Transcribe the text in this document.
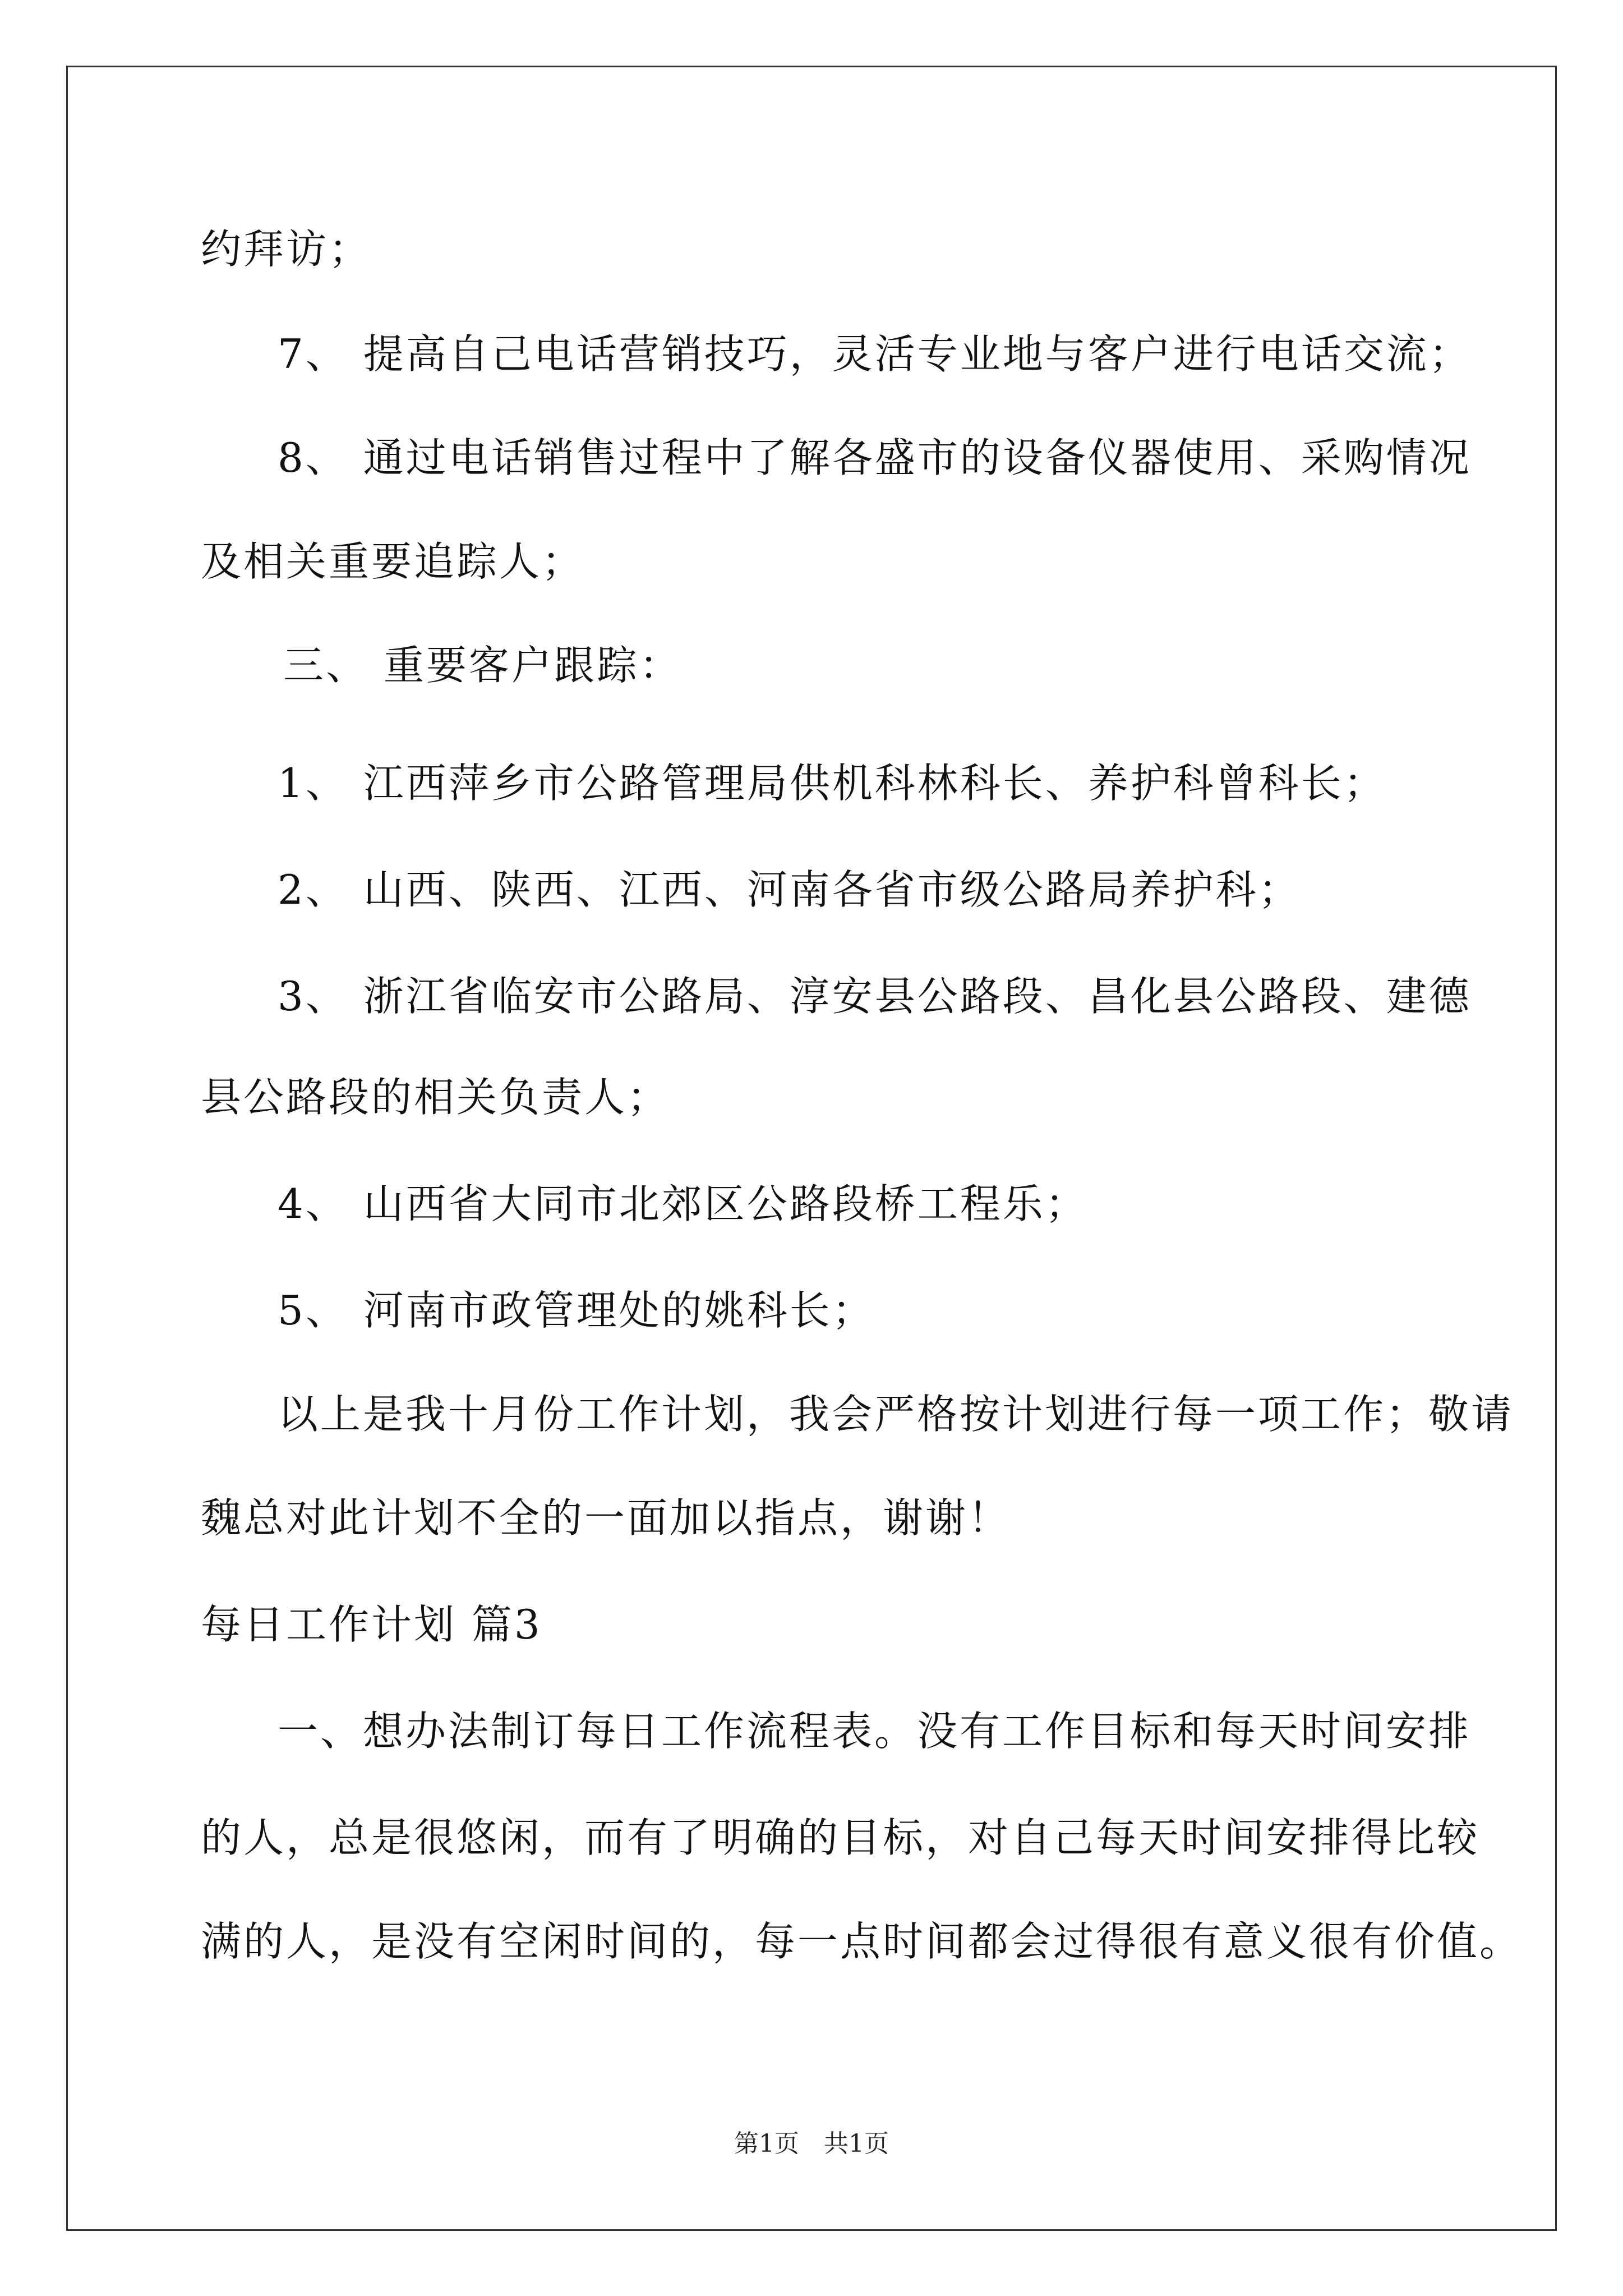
约拜访；
7、 提高自己电话营销技巧，灵活专业地与客户进行电话交流；
8、 通过电话销售过程中了解各盛市的设备仪器使用、采购情况
及相关重要追踪人；
三、 重要客户跟踪：
1、 江西萍乡市公路管理局供机科林科长、养护科曾科长；
2、 山西、陕西、江西、河南各省市级公路局养护科；
3、 浙江省临安市公路局、淳安县公路段、昌化县公路段、建德
县公路段的相关负责人；
4、 山西省大同市北郊区公路段桥工程乐；
5、 河南市政管理处的姚科长；
以上是我十月份工作计划，我会严格按计划进行每一项工作；敬请
魏总对此计划不全的一面加以指点，谢谢！
每日工作计划 篇3
一、想办法制订每日工作流程表。没有工作目标和每天时间安排
的人，总是很悠闲，而有了明确的目标，对自己每天时间安排得比较
满的人，是没有空闲时间的，每一点时间都会过得很有意义很有价值。
第1页　共1页
